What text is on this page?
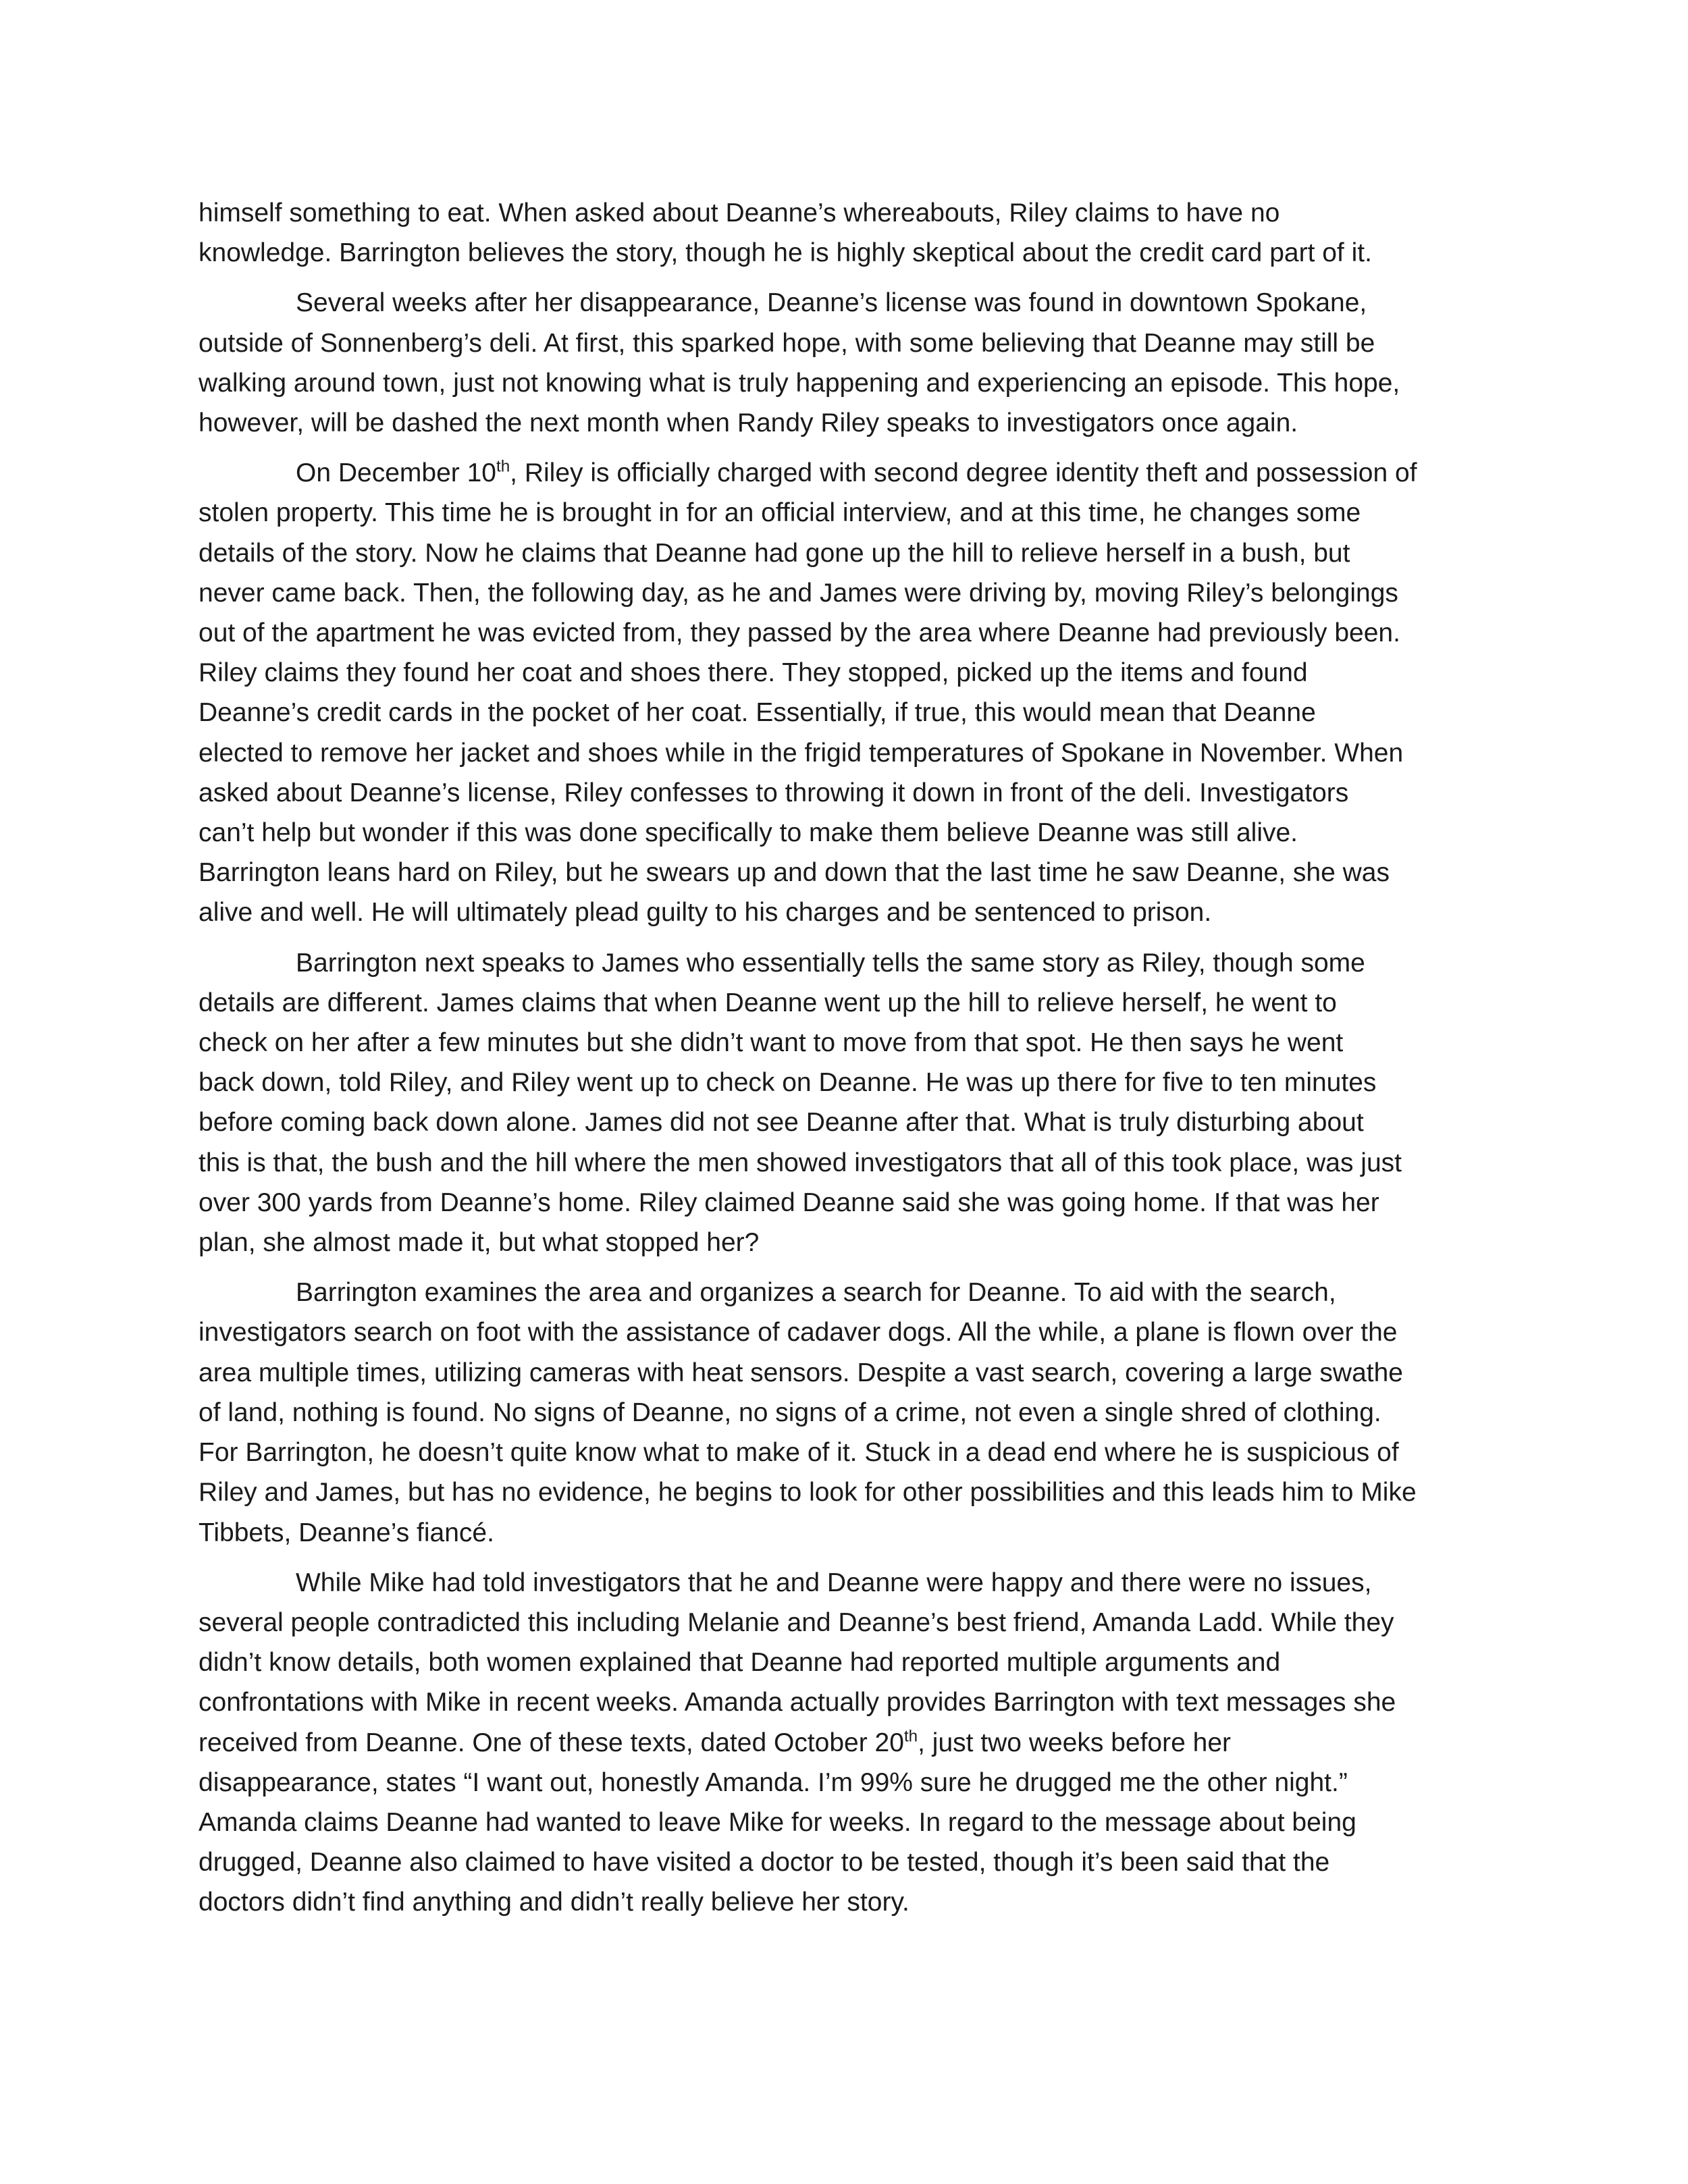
himself something to eat. When asked about Deanne’s whereabouts, Riley claims to have no
knowledge. Barrington believes the story, though he is highly skeptical about the credit card part of it.

Several weeks after her disappearance, Deanne’s license was found in downtown Spokane,
outside of Sonnenberg’s deli. At first, this sparked hope, with some believing that Deanne may still be
walking around town, just not knowing what is truly happening and experiencing an episode. This hope,
however, will be dashed the next month when Randy Riley speaks to investigators once again.

On December 10th, Riley is officially charged with second degree identity theft and possession of
stolen property. This time he is brought in for an official interview, and at this time, he changes some
details of the story. Now he claims that Deanne had gone up the hill to relieve herself in a bush, but
never came back. Then, the following day, as he and James were driving by, moving Riley’s belongings
out of the apartment he was evicted from, they passed by the area where Deanne had previously been.
Riley claims they found her coat and shoes there. They stopped, picked up the items and found
Deanne’s credit cards in the pocket of her coat. Essentially, if true, this would mean that Deanne
elected to remove her jacket and shoes while in the frigid temperatures of Spokane in November. When
asked about Deanne’s license, Riley confesses to throwing it down in front of the deli. Investigators
can’t help but wonder if this was done specifically to make them believe Deanne was still alive.
Barrington leans hard on Riley, but he swears up and down that the last time he saw Deanne, she was
alive and well. He will ultimately plead guilty to his charges and be sentenced to prison.

Barrington next speaks to James who essentially tells the same story as Riley, though some
details are different. James claims that when Deanne went up the hill to relieve herself, he went to
check on her after a few minutes but she didn’t want to move from that spot. He then says he went
back down, told Riley, and Riley went up to check on Deanne. He was up there for five to ten minutes
before coming back down alone. James did not see Deanne after that. What is truly disturbing about
this is that, the bush and the hill where the men showed investigators that all of this took place, was just
over 300 yards from Deanne’s home. Riley claimed Deanne said she was going home. If that was her
plan, she almost made it, but what stopped her?

Barrington examines the area and organizes a search for Deanne. To aid with the search,
investigators search on foot with the assistance of cadaver dogs. All the while, a plane is flown over the
area multiple times, utilizing cameras with heat sensors. Despite a vast search, covering a large swathe
of land, nothing is found. No signs of Deanne, no signs of a crime, not even a single shred of clothing.
For Barrington, he doesn’t quite know what to make of it. Stuck in a dead end where he is suspicious of
Riley and James, but has no evidence, he begins to look for other possibilities and this leads him to Mike
Tibbets, Deanne’s fiancé.

While Mike had told investigators that he and Deanne were happy and there were no issues,
several people contradicted this including Melanie and Deanne’s best friend, Amanda Ladd. While they
didn’t know details, both women explained that Deanne had reported multiple arguments and
confrontations with Mike in recent weeks. Amanda actually provides Barrington with text messages she
received from Deanne. One of these texts, dated October 20th, just two weeks before her
disappearance, states “I want out, honestly Amanda. I’m 99% sure he drugged me the other night.”
Amanda claims Deanne had wanted to leave Mike for weeks. In regard to the message about being
drugged, Deanne also claimed to have visited a doctor to be tested, though it’s been said that the
doctors didn’t find anything and didn’t really believe her story.
